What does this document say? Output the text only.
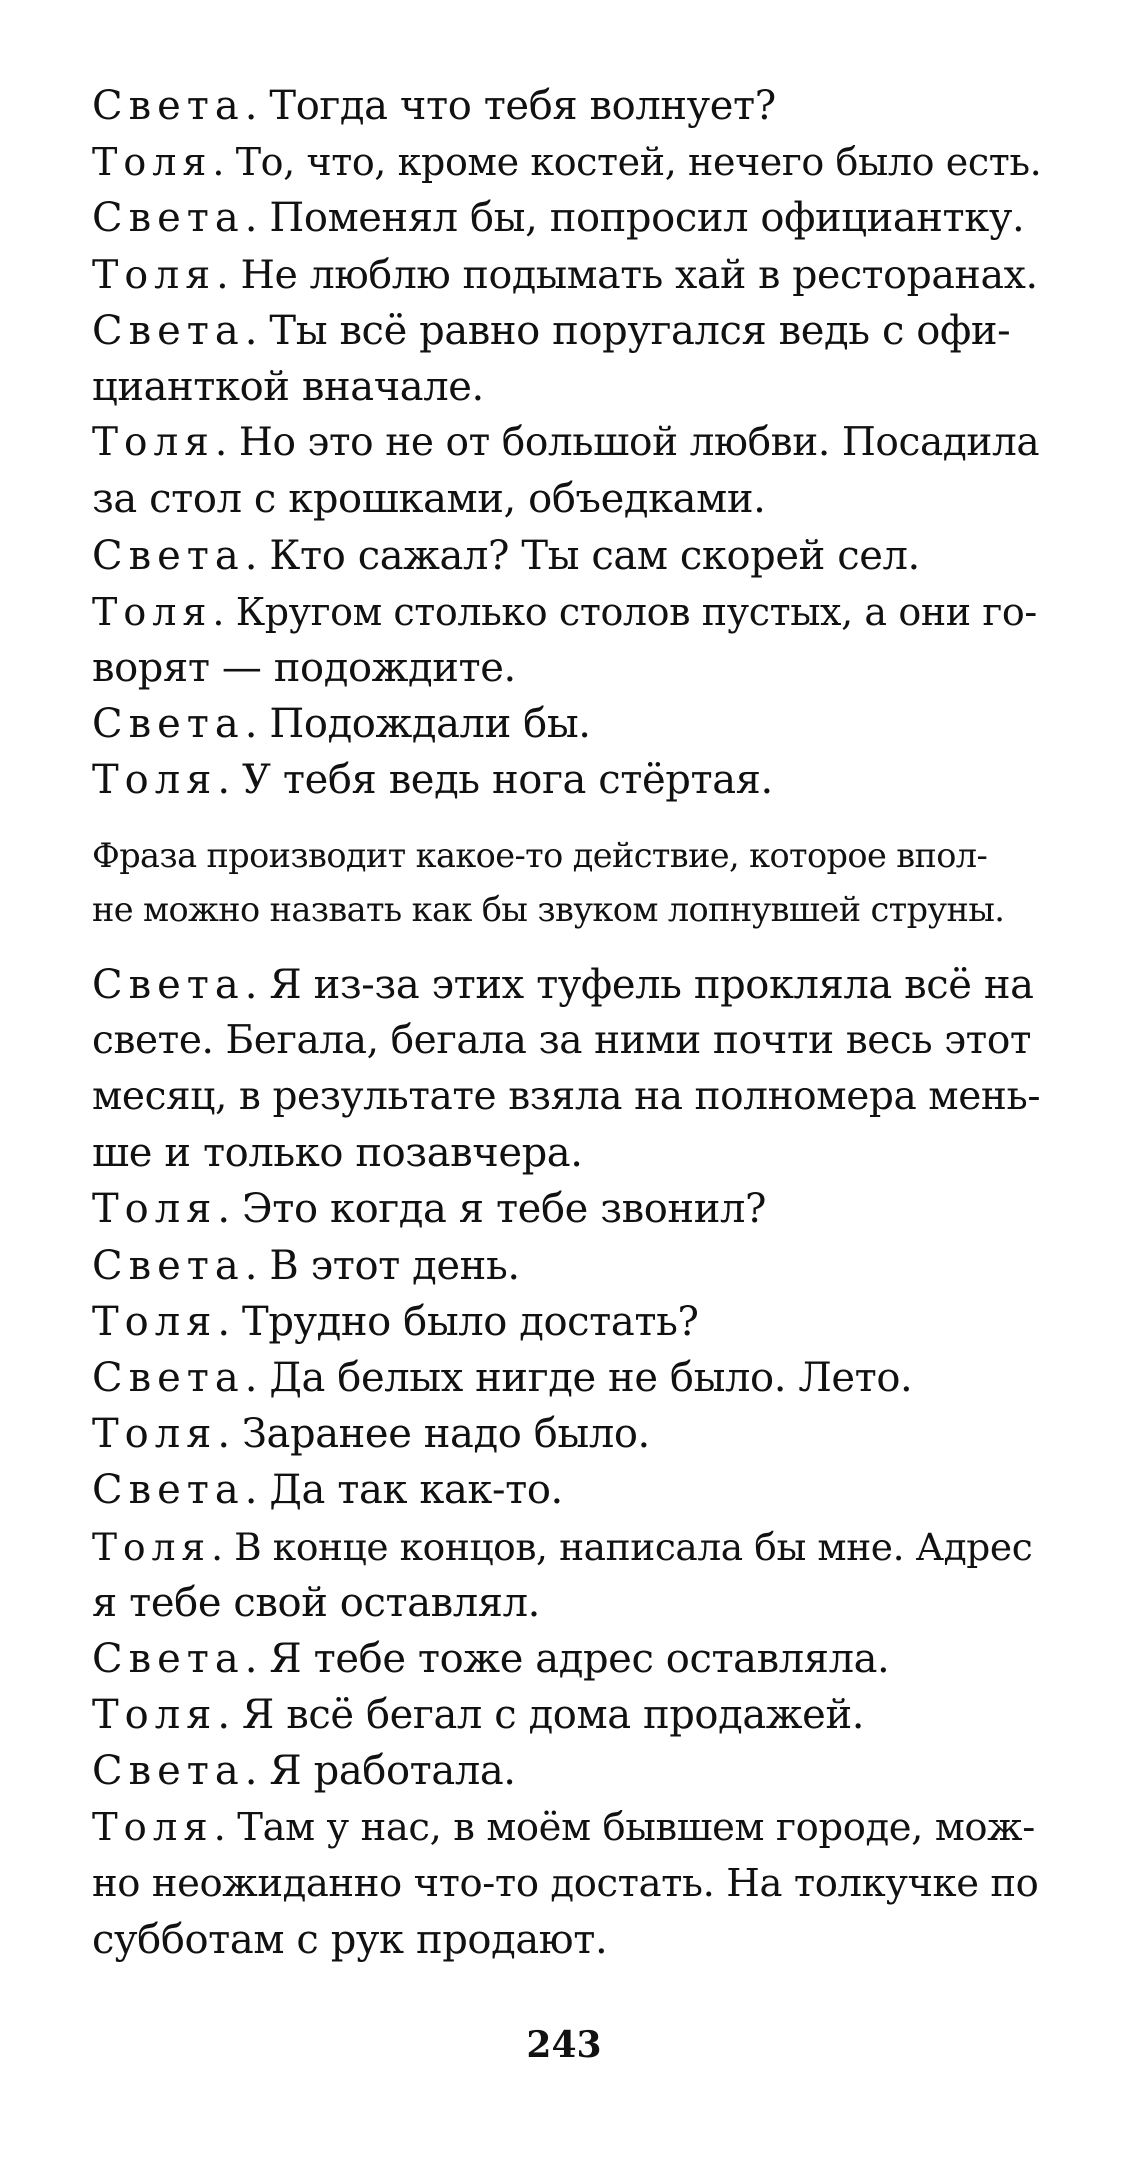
Света. Тогда что тебя волнует?
Толя. То, что, кроме костей, нечего было есть.
Света. Поменял бы, попросил официантку.
Толя. Не люблю подымать хай в ресторанах.
Света. Ты всё равно поругался ведь с офи-
цианткой вначале.
Толя. Но это не от большой любви. Посадила
за стол с крошками, объедками.
Света. Кто сажал? Ты сам скорей сел.
Толя. Кругом столько столов пустых, а они го-
ворят — подождите.
Света. Подождали бы.
Толя. У тебя ведь нога стёртая.
Фраза производит какое-то действие, которое впол-
не можно назвать как бы звуком лопнувшей струны.
Света. Я из-за этих туфель прокляла всё на
свете. Бегала, бегала за ними почти весь этот
месяц, в результате взяла на полномера мень-
ше и только позавчера.
Толя. Это когда я тебе звонил?
Света. В этот день.
Толя. Трудно было достать?
Света. Да белых нигде не было. Лето.
Толя. Заранее надо было.
Света. Да так как-то.
Толя. В конце концов, написала бы мне. Адрес
я тебе свой оставлял.
Света. Я тебе тоже адрес оставляла.
Толя. Я всё бегал с дома продажей.
Света. Я работала.
Толя. Там у нас, в моём бывшем городе, мож-
но неожиданно что-то достать. На толкучке по
субботам с рук продают.
243
